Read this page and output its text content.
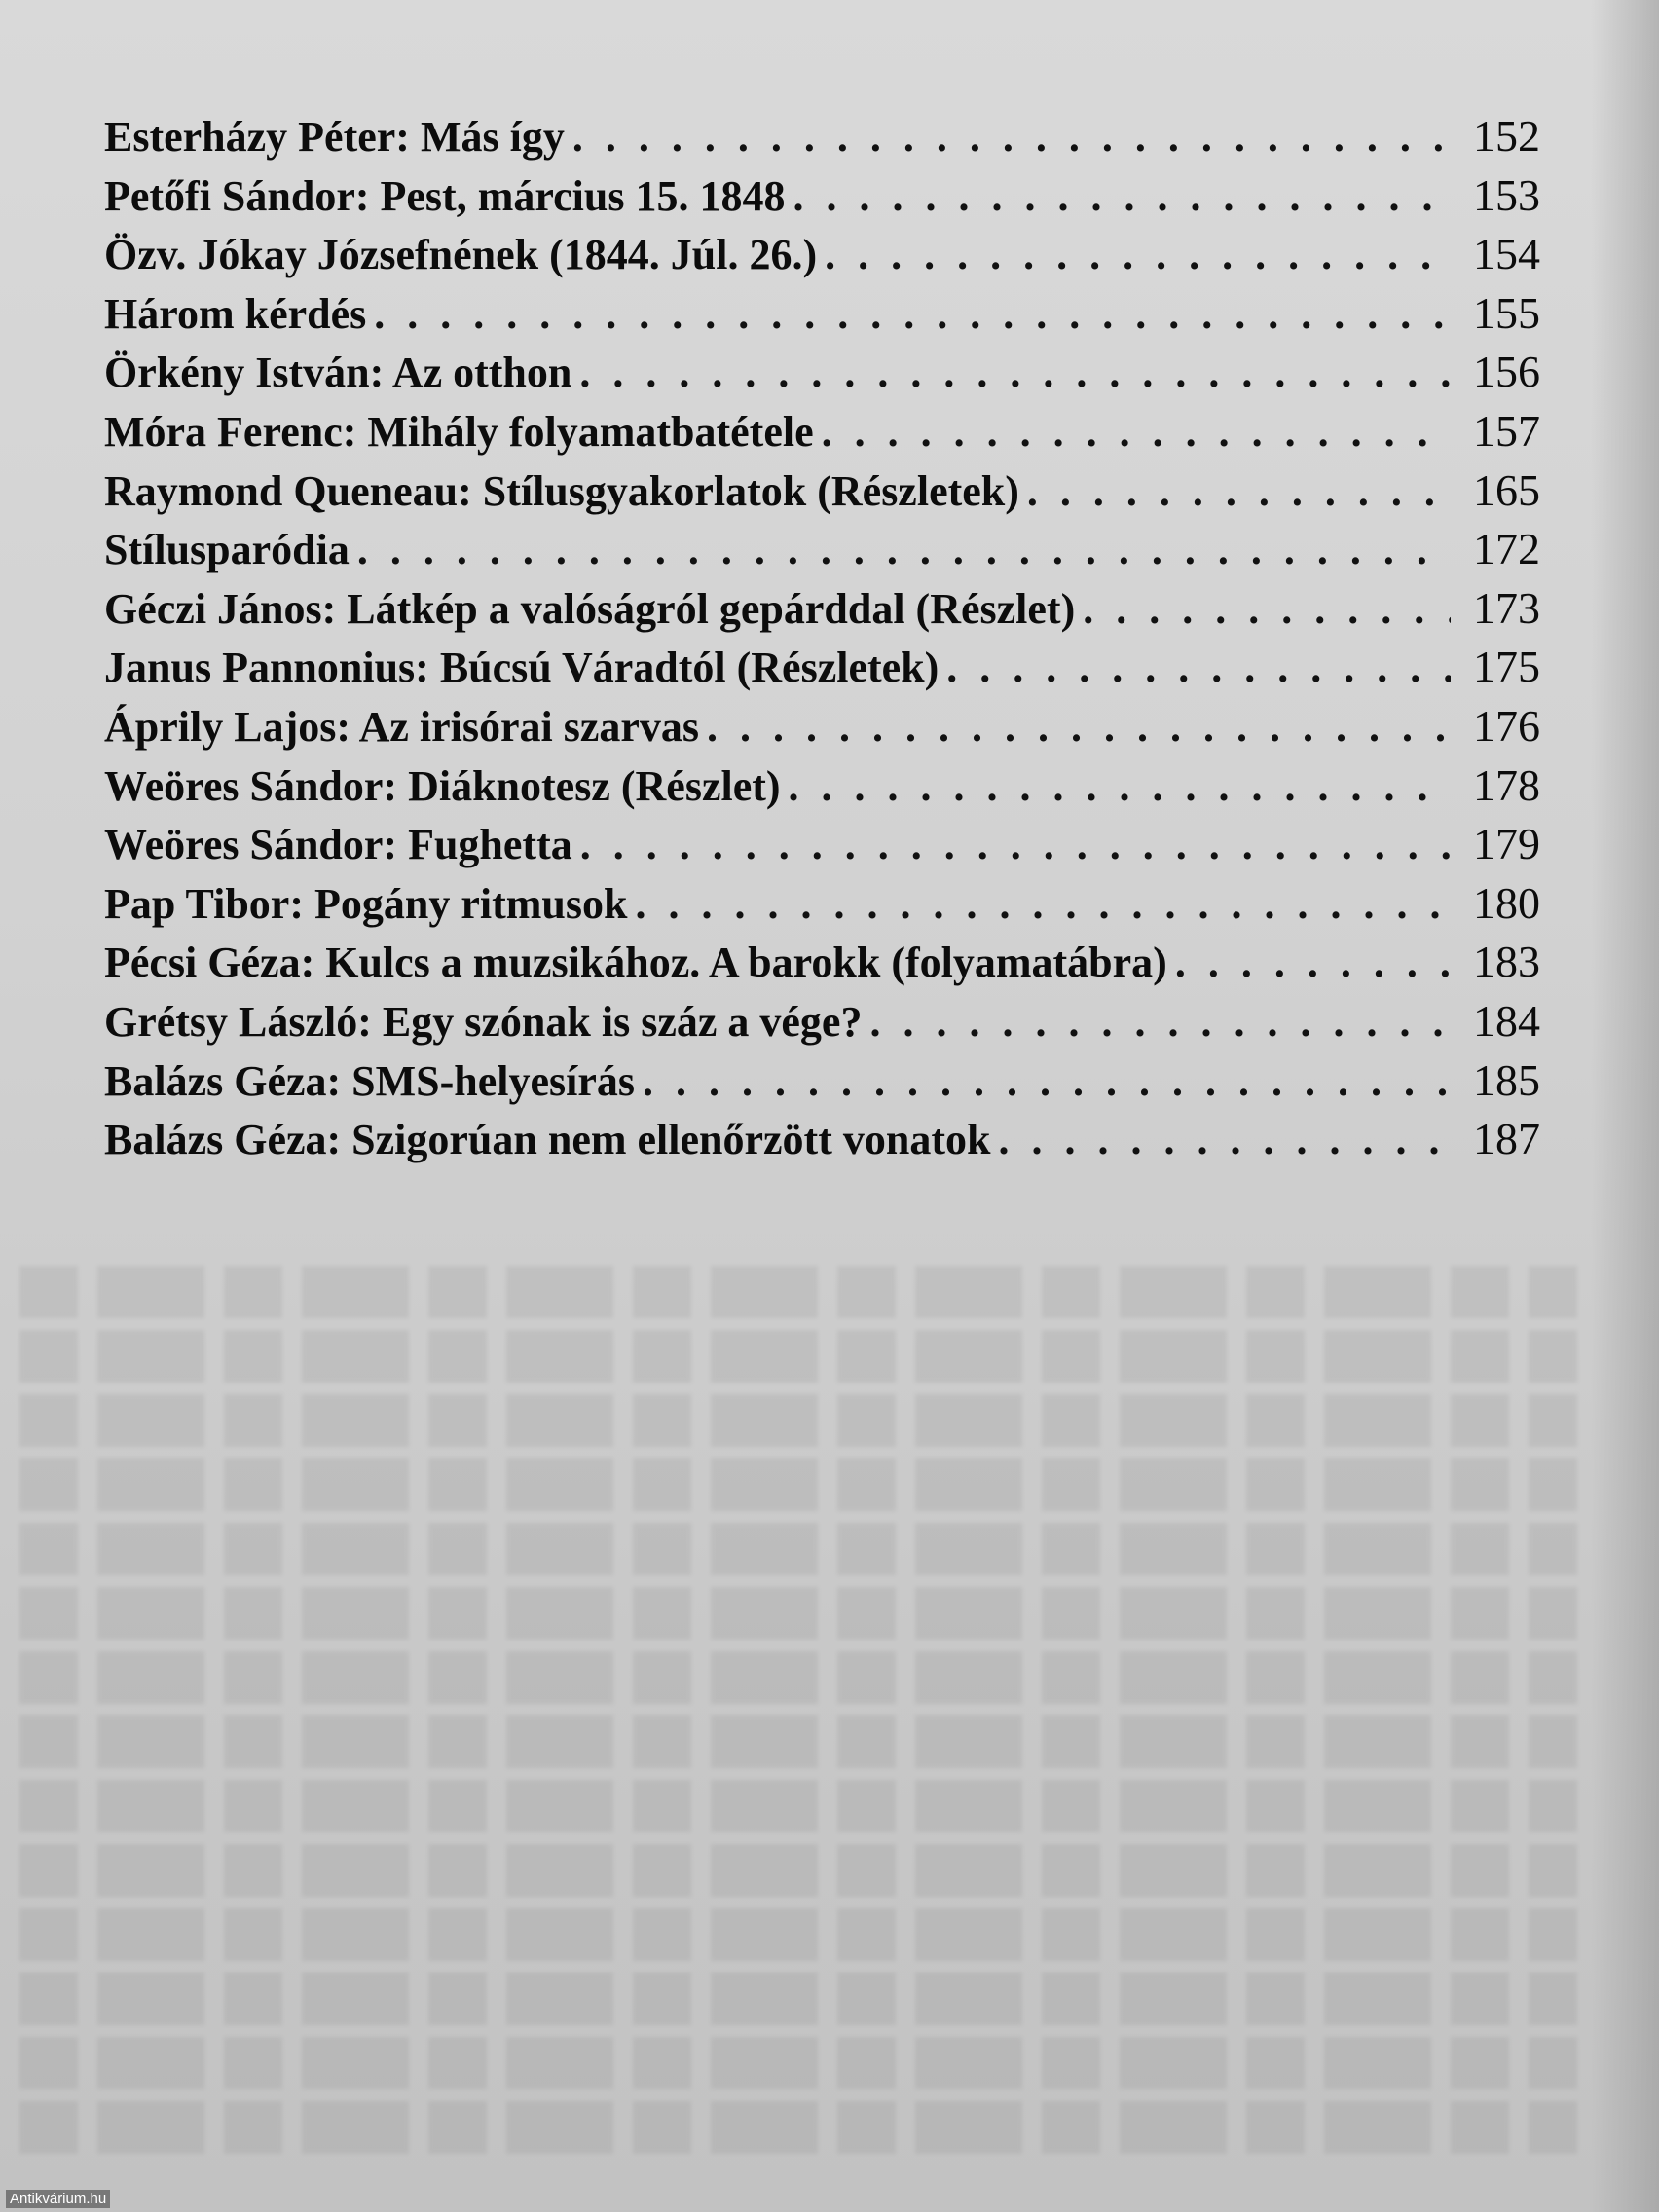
Esterházy Péter: Más így . . .	152
Petőfi Sándor: Pest, március 15. 1848 . . .	153
Özv. Jókay Józsefnének (1844. Júl. 26.) . . .	154
Három kérdés . . .	155
Örkény István: Az otthon . . .	156
Móra Ferenc: Mihály folyamatbatétele . . .	157
Raymond Queneau: Stílusgyakorlatok (Részletek) . . .	165
Stílusparódia . . .	172
Géczi János: Látkép a valóságról gepárddal (Részlet) . . .	173
Janus Pannonius: Búcsú Váradtól (Részletek) . . .	175
Áprily Lajos: Az irisórai szarvas . . .	176
Weöres Sándor: Diáknotesz (Részlet) . . .	178
Weöres Sándor: Fughetta . . .	179
Pap Tibor: Pogány ritmusok . . .	180
Pécsi Géza: Kulcs a muzsikához. A barokk (folyamatábra) . . .	183
Grétsy László: Egy szónak is száz a vége? . . .	184
Balázs Géza: SMS-helyesírás . . .	185
Balázs Géza: Szigorúan nem ellenőrzött vonatok . . .	187
Antikvárium.hu
